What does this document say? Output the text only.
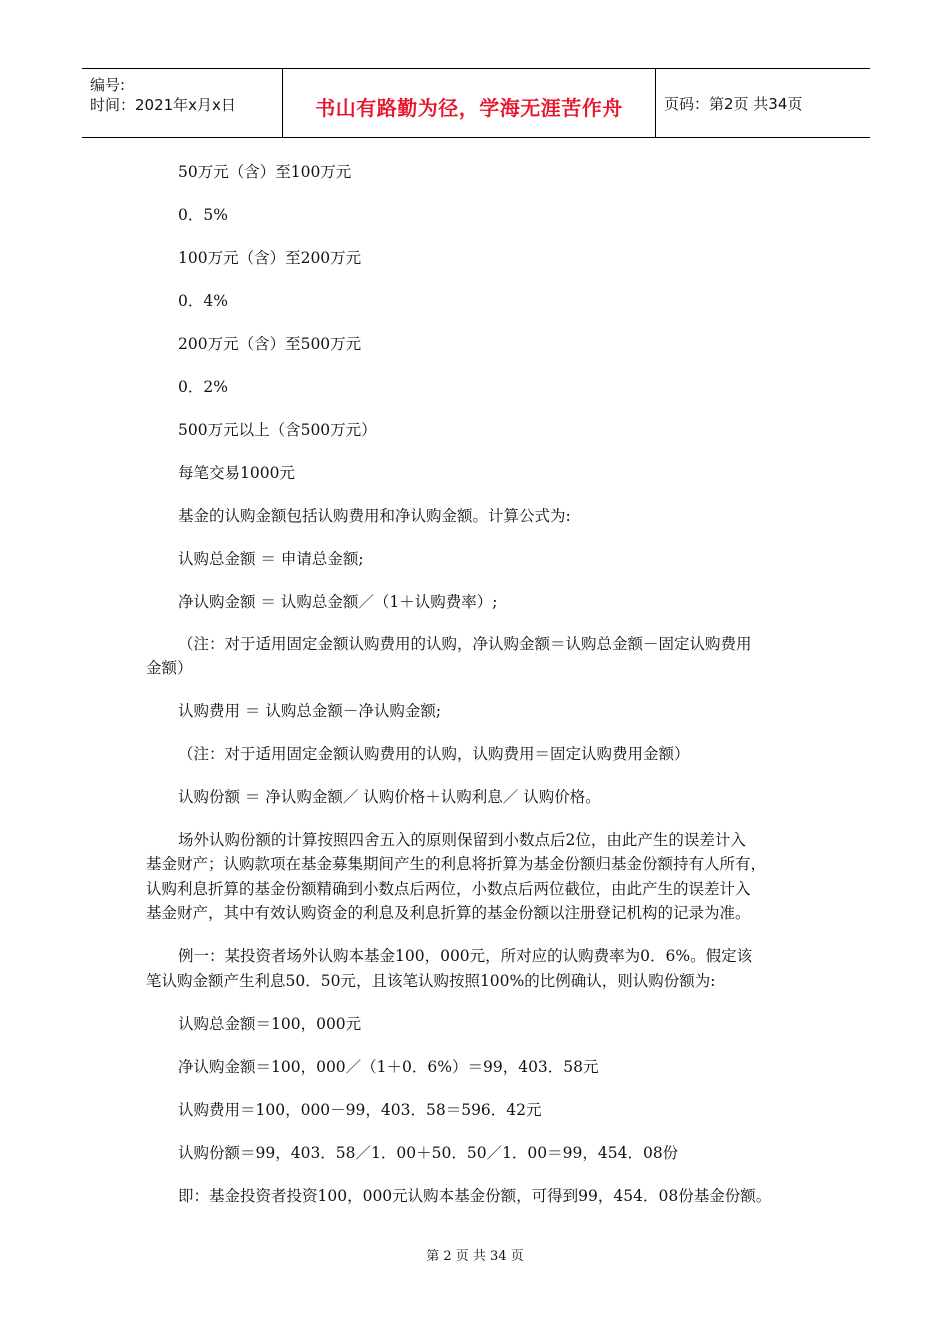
编号:
时间：2021年x月x日	书山有路勤为径，学海无涯苦作舟	页码：第2页 共34页
50万元（含）至100万元
0．5%
100万元（含）至200万元
0．4%
200万元（含）至500万元
0．2%
500万元以上（含500万元）
每笔交易1000元
基金的认购金额包括认购费用和净认购金额。计算公式为:
认购总金额 ＝ 申请总金额;
净认购金额 ＝ 认购总金额／（1＋认购费率）;
（注：对于适用固定金额认购费用的认购，净认购金额＝认购总金额－固定认购费用
金额）
认购费用 ＝ 认购总金额－净认购金额;
（注：对于适用固定金额认购费用的认购，认购费用＝固定认购费用金额）
认购份额 ＝ 净认购金额／ 认购价格＋认购利息／ 认购价格。
场外认购份额的计算按照四舍五入的原则保留到小数点后2位，由此产生的误差计入
基金财产；认购款项在基金募集期间产生的利息将折算为基金份额归基金份额持有人所有，
认购利息折算的基金份额精确到小数点后两位，小数点后两位截位，由此产生的误差计入
基金财产，其中有效认购资金的利息及利息折算的基金份额以注册登记机构的记录为准。
例一：某投资者场外认购本基金100，000元，所对应的认购费率为0．6%。假定该
笔认购金额产生利息50．50元，且该笔认购按照100%的比例确认，则认购份额为:
认购总金额＝100，000元
净认购金额＝100，000／（1＋0．6%）＝99，403．58元
认购费用＝100，000－99，403．58＝596．42元
认购份额＝99，403．58／1．00＋50．50／1．00＝99，454．08份
即：基金投资者投资100，000元认购本基金份额，可得到99，454．08份基金份额。
第 2 页 共 34 页
